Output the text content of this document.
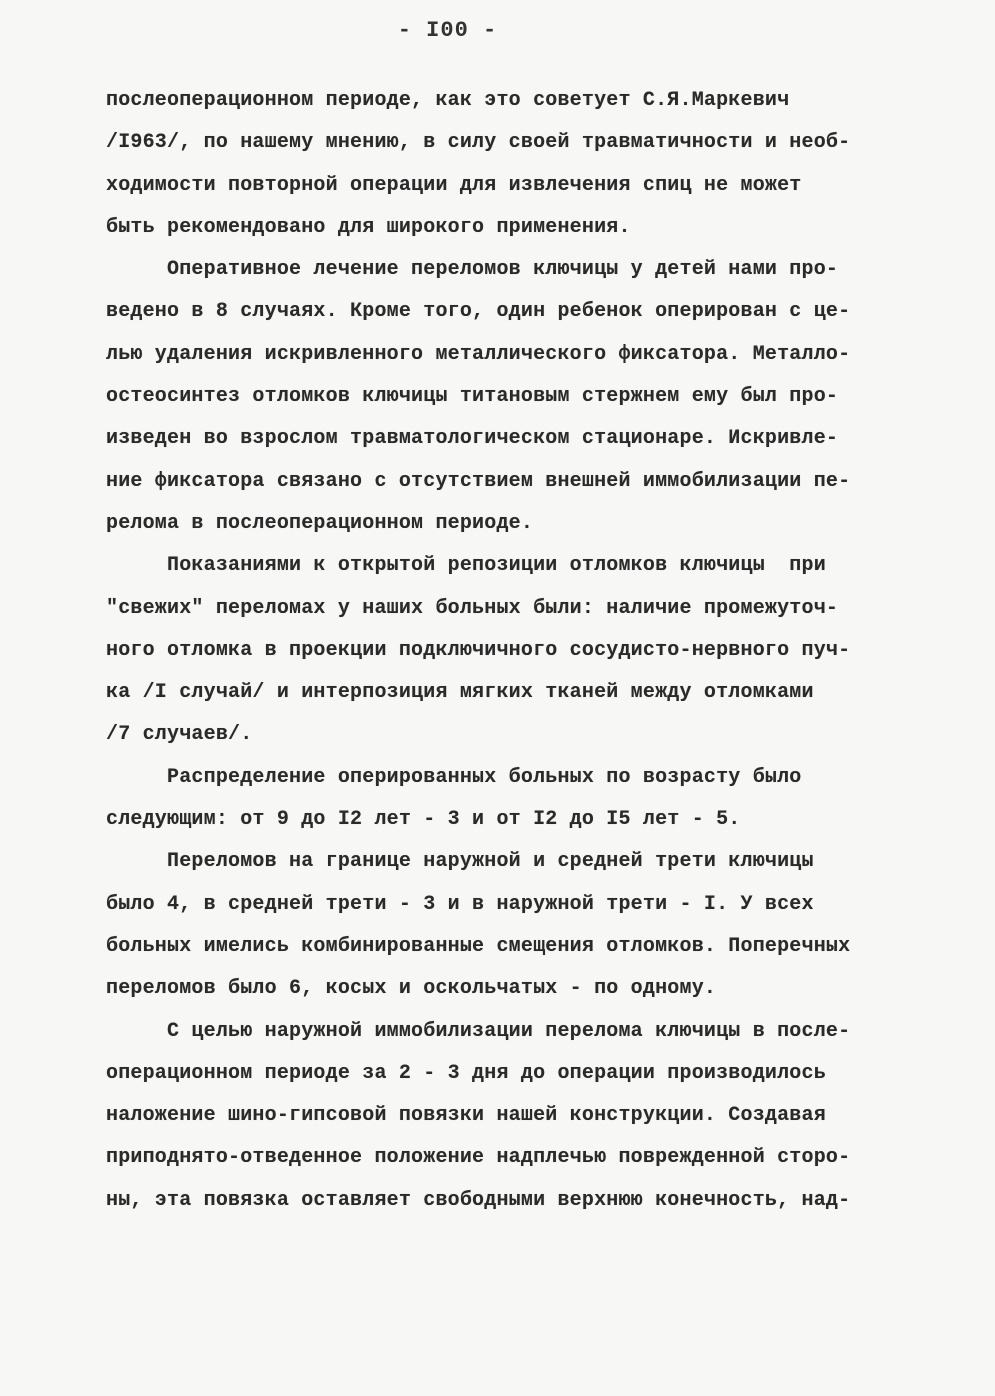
- I00 -
послеоперационном периоде, как это советует С.Я.Маркевич
/I963/, по нашему мнению, в силу своей травматичности и необ-
ходимости повторной операции для извлечения спиц не может
быть рекомендовано для широкого применения.
Оперативное лечение переломов ключицы у детей нами про-
ведено в 8 случаях. Кроме того, один ребенок оперирован с це-
лью удаления искривленного металлического фиксатора. Металло-
остеосинтез отломков ключицы титановым стержнем ему был про-
изведен во взрослом травматологическом стационаре. Искривле-
ние фиксатора связано с отсутствием внешней иммобилизации пе-
релома в послеоперационном периоде.
Показаниями к открытой репозиции отломков ключицы  при
"свежих" переломах у наших больных были: наличие промежуточ-
ного отломка в проекции подключичного сосудисто-нервного пуч-
ка /I случай/ и интерпозиция мягких тканей между отломками
/7 случаев/.
Распределение оперированных больных по возрасту было
следующим: от 9 до I2 лет - 3 и от I2 до I5 лет - 5.
Переломов на границе наружной и средней трети ключицы
было 4, в средней трети - 3 и в наружной трети - I. У всех
больных имелись комбинированные смещения отломков. Поперечных
переломов было 6, косых и оскольчатых - по одному.
С целью наружной иммобилизации перелома ключицы в после-
операционном периоде за 2 - 3 дня до операции производилось
наложение шино-гипсовой повязки нашей конструкции. Создавая
приподнято-отведенное положение надплечью поврежденной сторо-
ны, эта повязка оставляет свободными верхнюю конечность, над-
